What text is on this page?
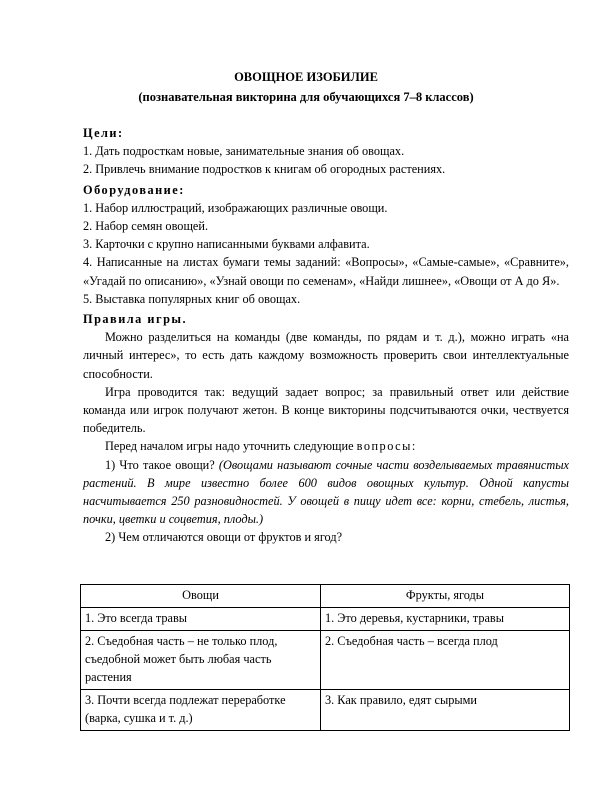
ОВОЩНОЕ ИЗОБИЛИЕ
(познавательная викторина для обучающихся 7–8 классов)

Цели:

1. Дать подросткам новые, занимательные знания об овощах.

2. Привлечь внимание подростков к книгам об огородных растениях.

Оборудование:

1. Набор иллюстраций, изображающих различные овощи.

2. Набор семян овощей.

3. Карточки с крупно написанными буквами алфавита.

4. Написанные на листах бумаги темы заданий: «Вопросы», «Самые-самые», «Сравните», «Угадай по описанию», «Узнай овощи по семенам», «Найди лишнее», «Овощи от А до Я».

5. Выставка популярных книг об овощах.

Правила игры.

Можно разделиться на команды (две команды, по рядам и т. д.), можно играть «на личный интерес», то есть дать каждому возможность проверить свои интеллектуальные способности.

Игра проводится так: ведущий задает вопрос; за правильный ответ или действие команда или игрок получают жетон. В конце викторины подсчитываются очки, чествуется победитель.

Перед началом игры надо уточнить следующие вопросы:

1) Что такое овощи? (Овощами называют сочные части возделываемых травянистых растений. В мире известно более 600 видов овощных культур. Одной капусты насчитывается 250 разновидностей. У овощей в пищу идет все: корни, стебель, листья, почки, цветки и соцветия, плоды.)

2) Чем отличаются овощи от фруктов и ягод?

Овощи	Фрукты, ягоды
1. Это всегда травы	1. Это деревья, кустарники, травы
2. Съедобная часть – не только плод, съедобной может быть любая часть растения	2. Съедобная часть – всегда плод
3. Почти всегда подлежат переработке (варка, сушка и т. д.)	3. Как правило, едят сырыми
